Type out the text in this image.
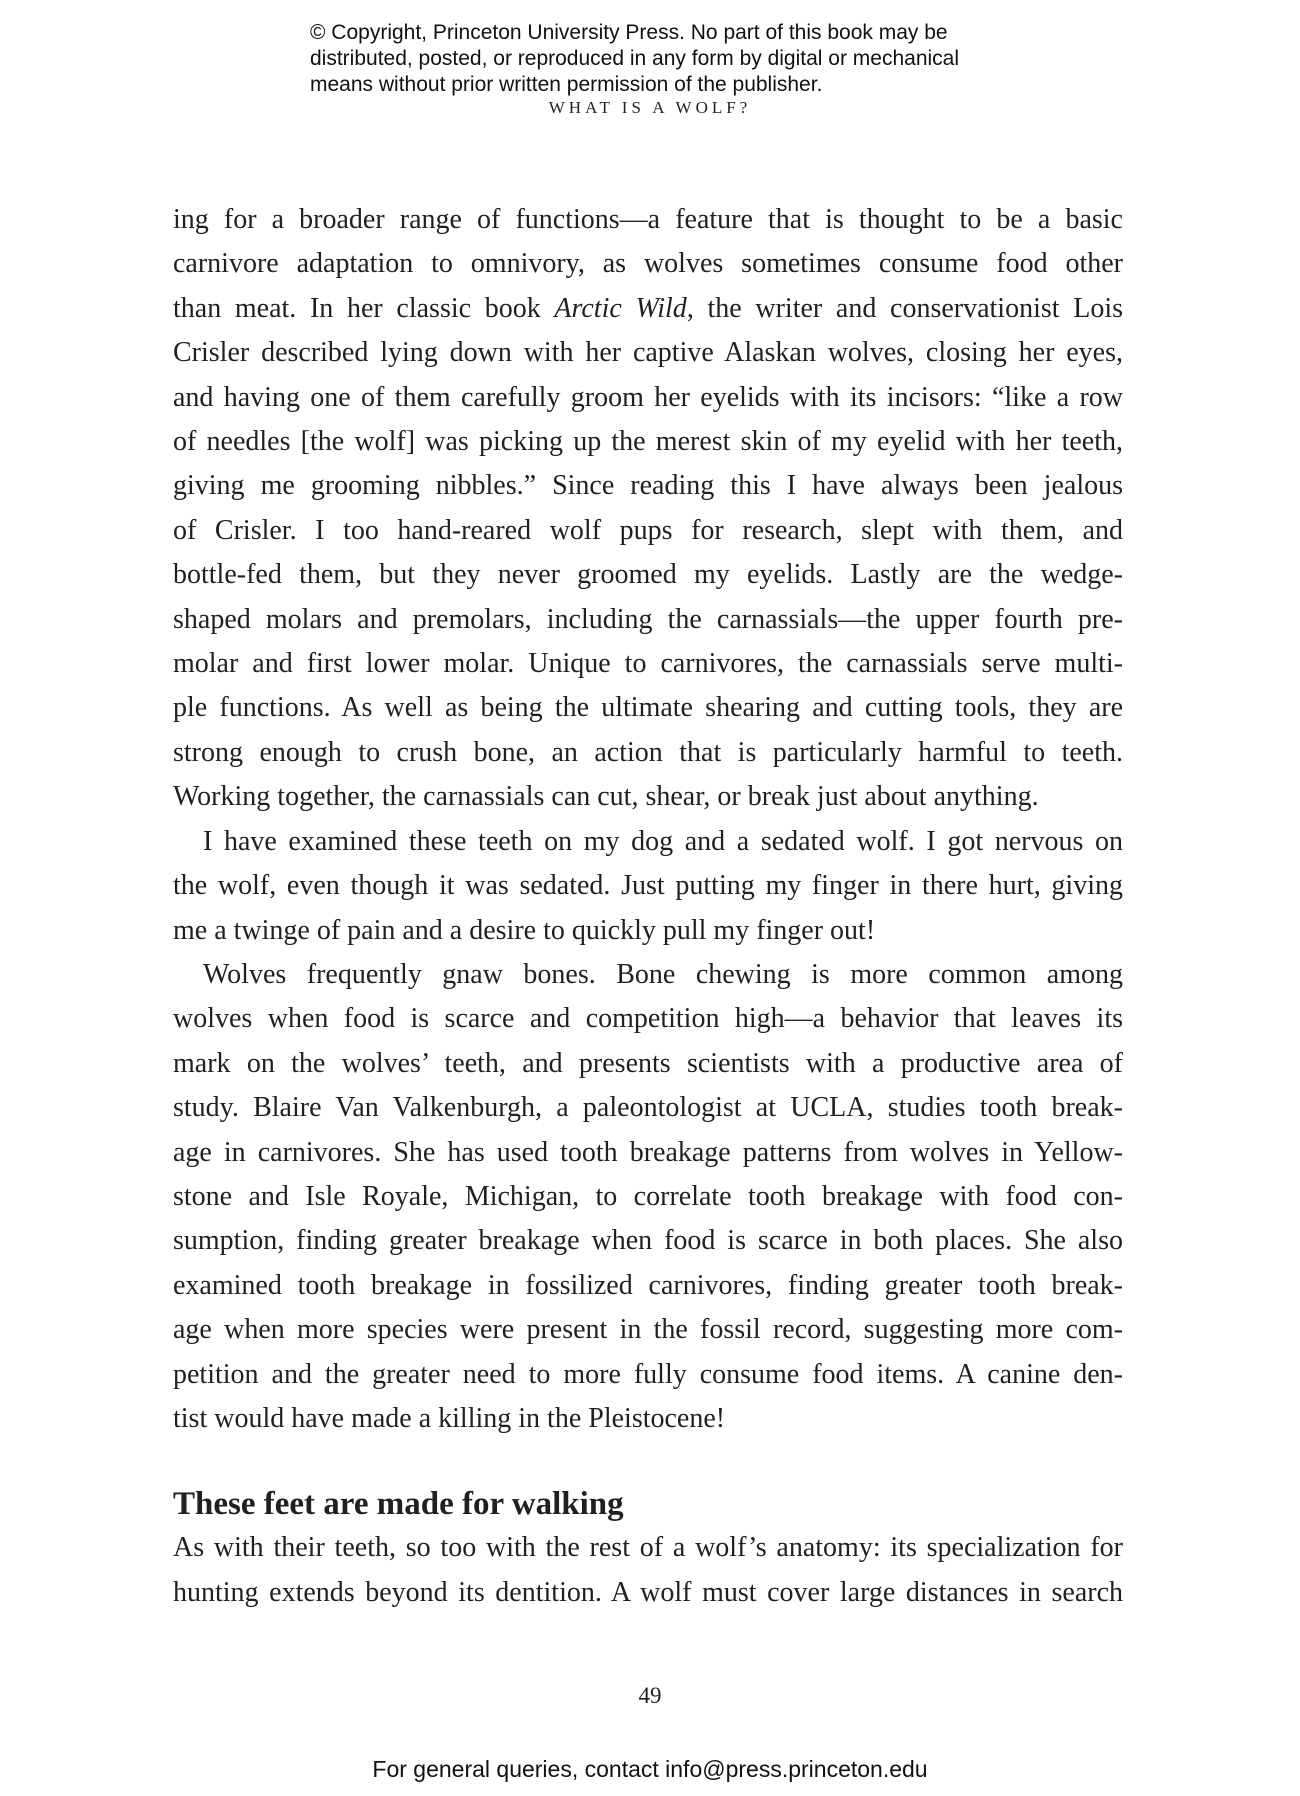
© Copyright, Princeton University Press. No part of this book may be
distributed, posted, or reproduced in any form by digital or mechanical
means without prior written permission of the publisher.
WHAT IS A WOLF?

ing for a broader range of functions—a feature that is thought to be a basic

carnivore adaptation to omnivory, as wolves sometimes consume food other

than meat. In her classic book Arctic Wild, the writer and conservationist Lois

Crisler described lying down with her captive Alaskan wolves, closing her eyes,

and having one of them carefully groom her eyelids with its incisors: “like a row

of needles [the wolf] was picking up the merest skin of my eyelid with her teeth,

giving me grooming nibbles.” Since reading this I have always been jealous

of Crisler. I too hand-reared wolf pups for research, slept with them, and

bottle-fed them, but they never groomed my eyelids. Lastly are the wedge-

shaped molars and premolars, including the carnassials—the upper fourth pre-

molar and first lower molar. Unique to carnivores, the carnassials serve multi-

ple functions. As well as being the ultimate shearing and cutting tools, they are

strong enough to crush bone, an action that is particularly harmful to teeth.

Working together, the carnassials can cut, shear, or break just about anything.

I have examined these teeth on my dog and a sedated wolf. I got nervous on

the wolf, even though it was sedated. Just putting my finger in there hurt, giving

me a twinge of pain and a desire to quickly pull my finger out!

Wolves frequently gnaw bones. Bone chewing is more common among

wolves when food is scarce and competition high—a behavior that leaves its

mark on the wolves’ teeth, and presents scientists with a productive area of

study. Blaire Van Valkenburgh, a paleontologist at UCLA, studies tooth break-

age in carnivores. She has used tooth breakage patterns from wolves in Yellow-

stone and Isle Royale, Michigan, to correlate tooth breakage with food con-

sumption, finding greater breakage when food is scarce in both places. She also

examined tooth breakage in fossilized carnivores, finding greater tooth break-

age when more species were present in the fossil record, suggesting more com-

petition and the greater need to more fully consume food items. A canine den-

tist would have made a killing in the Pleistocene!

These feet are made for walking

As with their teeth, so too with the rest of a wolf’s anatomy: its specialization for

hunting extends beyond its dentition. A wolf must cover large distances in search

49
For general queries, contact info@press.princeton.edu
